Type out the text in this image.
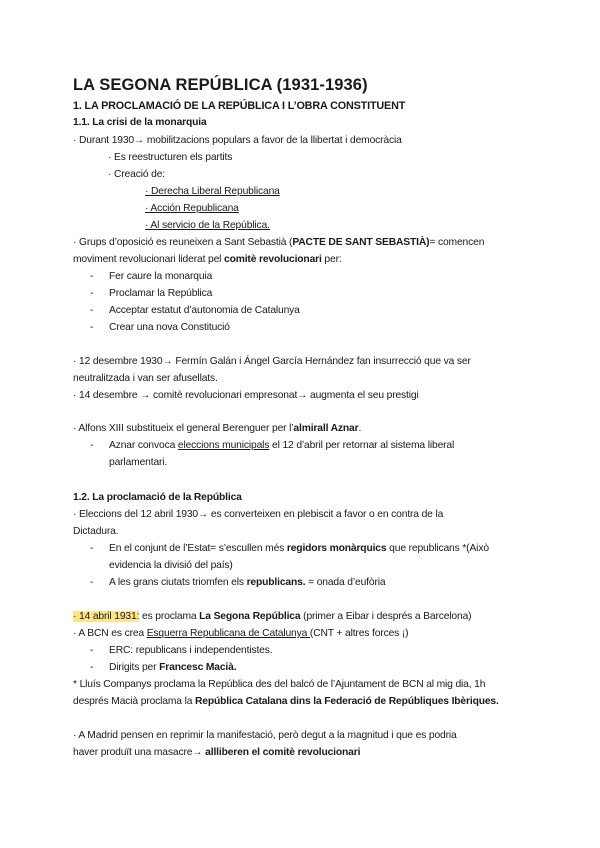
LA SEGONA REPÚBLICA (1931-1936)
1. LA PROCLAMACIÓ DE LA REPÚBLICA I L’OBRA CONSTITUENT
1.1. La crisi de la monarquia
· Durant 1930→ mobilitzacions populars a favor de la llibertat i democràcia
· Es reestructuren els partits
· Creació de:
· Derecha Liberal Republicana
· Acción Republicana
· Al servicio de la República.
· Grups d’oposició es reuneixen a Sant Sebastià (PACTE DE SANT SEBASTIÀ)= comencen
moviment revolucionari liderat pel comitè revolucionari per:
- Fer caure la monarquia
- Proclamar la República
- Acceptar estatut d’autonomia de Catalunya
- Crear una nova Constitució
· 12 desembre 1930→ Fermín Galán i Ángel García Hernández fan insurrecció que va ser
neutralitzada i van ser afusellats.
· 14 desembre → comitè revolucionari empresonat→ augmenta el seu prestigi
· Alfons XIII substitueix el general Berenguer per l’almirall Aznar.
- Aznar convoca eleccions municipals el 12 d’abril per retornar al sistema liberal
parlamentari.
1.2. La proclamació de la República
· Eleccions del 12 abril 1930→ es converteixen en plebiscit a favor o en contra de la
Dictadura.
- En el conjunt de l’Estat= s’escullen més regidors monàrquics que republicans *(Això
evidencia la divisió del país)
- A les grans ciutats triomfen els republicans. = onada d’eufòria
· 14 abril 1931: es proclama La Segona República (primer a Eibar i després a Barcelona)
· A BCN es crea Esquerra Republicana de Catalunya (CNT + altres forces ¡)
- ERC: republicans i independentistes.
- Dirigits per Francesc Macià.
* Lluís Companys proclama la República des del balcó de l’Ajuntament de BCN al mig dia, 1h
després Macià proclama la República Catalana dins la Federació de Repúbliques Ibèriques.
· A Madrid pensen en reprimir la manifestació, però degut a la magnitud i que es podria
haver produït una masacre→ allliberen el comitè revolucionari
